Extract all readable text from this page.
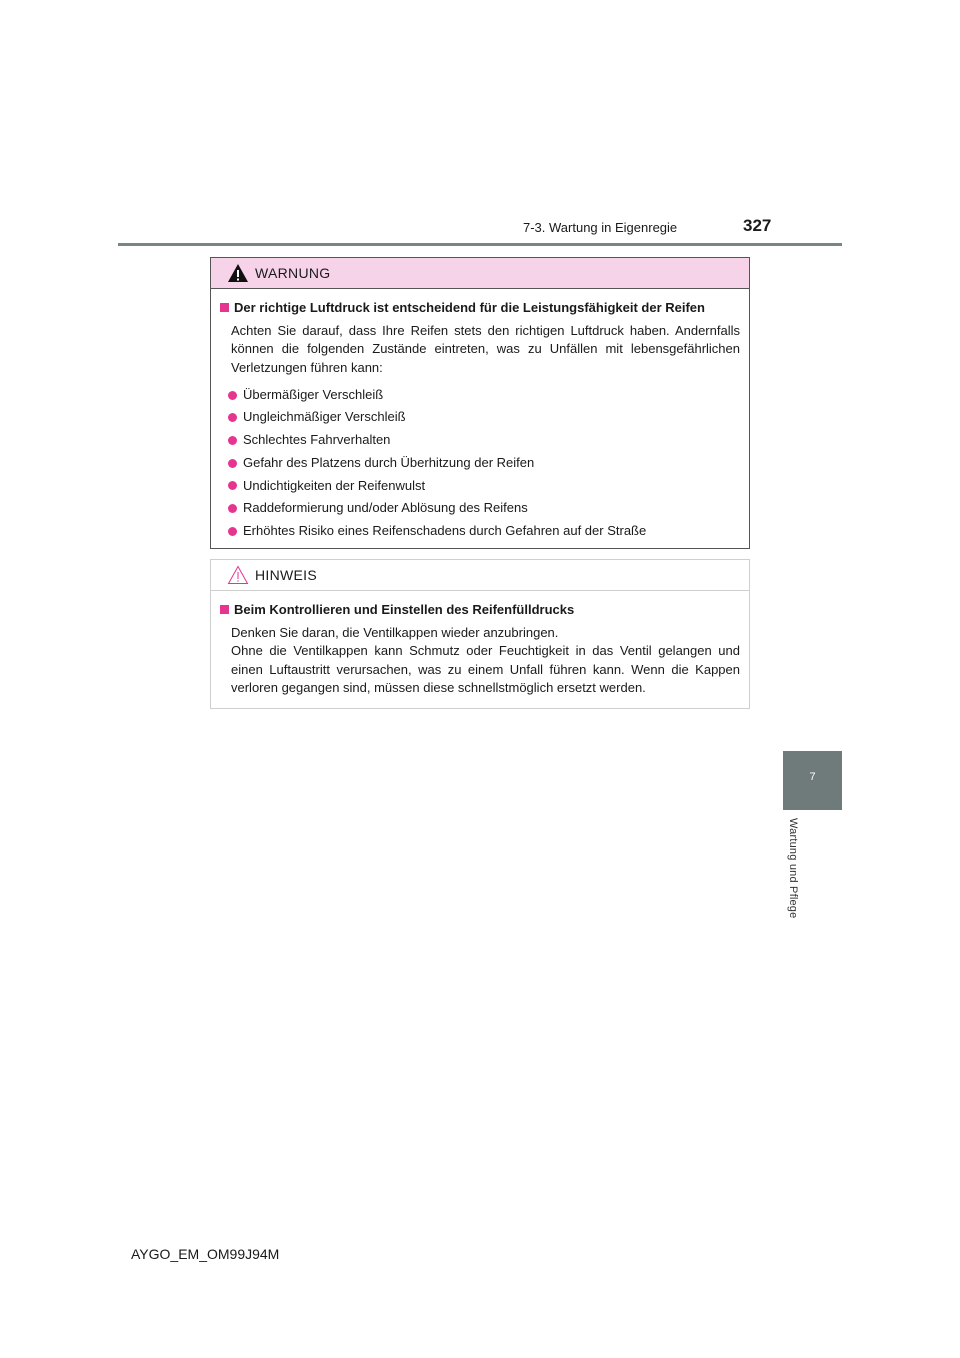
7-3. Wartung in Eigenregie	327
7
Wartung und Pflege
WARNUNG
Der richtige Luftdruck ist entscheidend für die Leistungsfähigkeit der Reifen
Achten Sie darauf, dass Ihre Reifen stets den richtigen Luftdruck haben. Andernfalls können die folgenden Zustände eintreten, was zu Unfällen mit lebensgefährlichen Verletzungen führen kann:
Übermäßiger Verschleiß
Ungleichmäßiger Verschleiß
Schlechtes Fahrverhalten
Gefahr des Platzens durch Überhitzung der Reifen
Undichtigkeiten der Reifenwulst
Raddeformierung und/oder Ablösung des Reifens
Erhöhtes Risiko eines Reifenschadens durch Gefahren auf der Straße
HINWEIS
Beim Kontrollieren und Einstellen des Reifenfülldrucks
Denken Sie daran, die Ventilkappen wieder anzubringen.
Ohne die Ventilkappen kann Schmutz oder Feuchtigkeit in das Ventil gelangen und einen Luftaustritt verursachen, was zu einem Unfall führen kann. Wenn die Kappen verloren gegangen sind, müssen diese schnellstmöglich ersetzt werden.
AYGO_EM_OM99J94M
